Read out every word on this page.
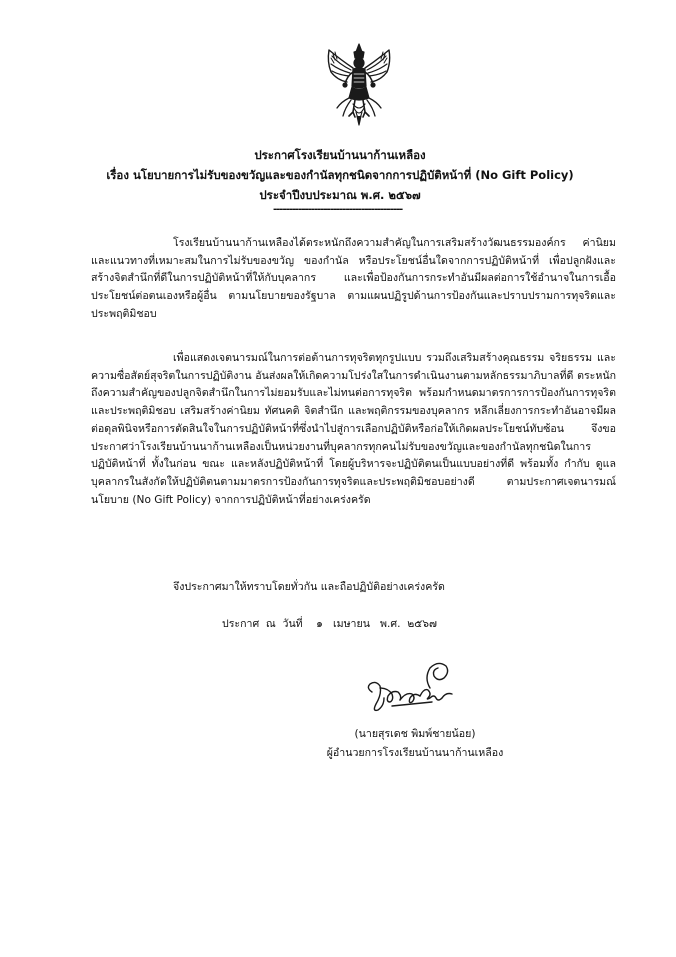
ประกาศโรงเรียนบ้านนาก้านเหลือง
เรื่อง นโยบายการไม่รับของขวัญและของกำนัลทุกชนิดจากการปฏิบัติหน้าที่ (No Gift Policy)
ประจำปีงบประมาณ พ.ศ. ๒๕๖๗
-----------------------------------------
โรงเรียนบ้านนาก้านเหลืองได้ตระหนักถึงความสำคัญในการเสริมสร้างวัฒนธรรมองค์กร ค่านิยม และแนวทางที่เหมาะสมในการไม่รับของขวัญ ของกำนัล หรือประโยชน์อื่นใดจากการปฏิบัติหน้าที่ เพื่อปลูกฝังและสร้างจิตสำนึกที่ดีในการปฏิบัติหน้าที่ให้กับบุคลากร และเพื่อป้องกันการกระทำอันมีผลต่อการใช้อำนาจในการเอื้อประโยชน์ต่อตนเองหรือผู้อื่น ตามนโยบายของรัฐบาล ตามแผนปฏิรูปด้านการป้องกันและปราบปรามการทุจริตและประพฤติมิชอบ
เพื่อแสดงเจตนารมณ์ในการต่อต้านการทุจริตทุกรูปแบบ รวมถึงเสริมสร้างคุณธรรม จริยธรรม และความซื่อสัตย์สุจริตในการปฏิบัติงาน อันส่งผลให้เกิดความโปร่งใสในการดำเนินงานตามหลักธรรมาภิบาลที่ดี ตระหนักถึงความสำคัญของปลูกจิตสำนึกในการไม่ยอมรับและไม่ทนต่อการทุจริต พร้อมกำหนดมาตรการการป้องกันการทุจริตและประพฤติมิชอบ เสริมสร้างค่านิยม ทัศนคติ จิตสำนึก และพฤติกรรมของบุคลากร หลีกเลี่ยงการกระทำอันอาจมีผลต่อดุลพินิจหรือการตัดสินใจในการปฏิบัติหน้าที่ซึ่งนำไปสู่การเลือกปฏิบัติหรือก่อให้เกิดผลประโยชน์ทับซ้อน จึงขอประกาศว่าโรงเรียนบ้านนาก้านเหลืองเป็นหน่วยงานที่บุคลากรทุกคนไม่รับของขวัญและของกำนัลทุกชนิดในการปฏิบัติหน้าที่ ทั้งในก่อน ขณะ และหลังปฏิบัติหน้าที่ โดยผู้บริหารจะปฏิบัติตนเป็นแบบอย่างที่ดี พร้อมทั้ง กำกับ ดูแลบุคลากรในสังกัดให้ปฏิบัติตนตามมาตรการป้องกันการทุจริตและประพฤติมิชอบอย่างดี ตามประกาศเจตนารมณ์นโยบาย (No Gift Policy) จากการปฏิบัติหน้าที่อย่างเคร่งครัด
จึงประกาศมาให้ทราบโดยทั่วกัน และถือปฏิบัติอย่างเคร่งครัด
ประกาศ  ณ  วันที่    ๑   เมษายน   พ.ศ.  ๒๕๖๗
(นายสุรเดช พิมพ์ชายน้อย)
ผู้อำนวยการโรงเรียนบ้านนาก้านเหลือง
